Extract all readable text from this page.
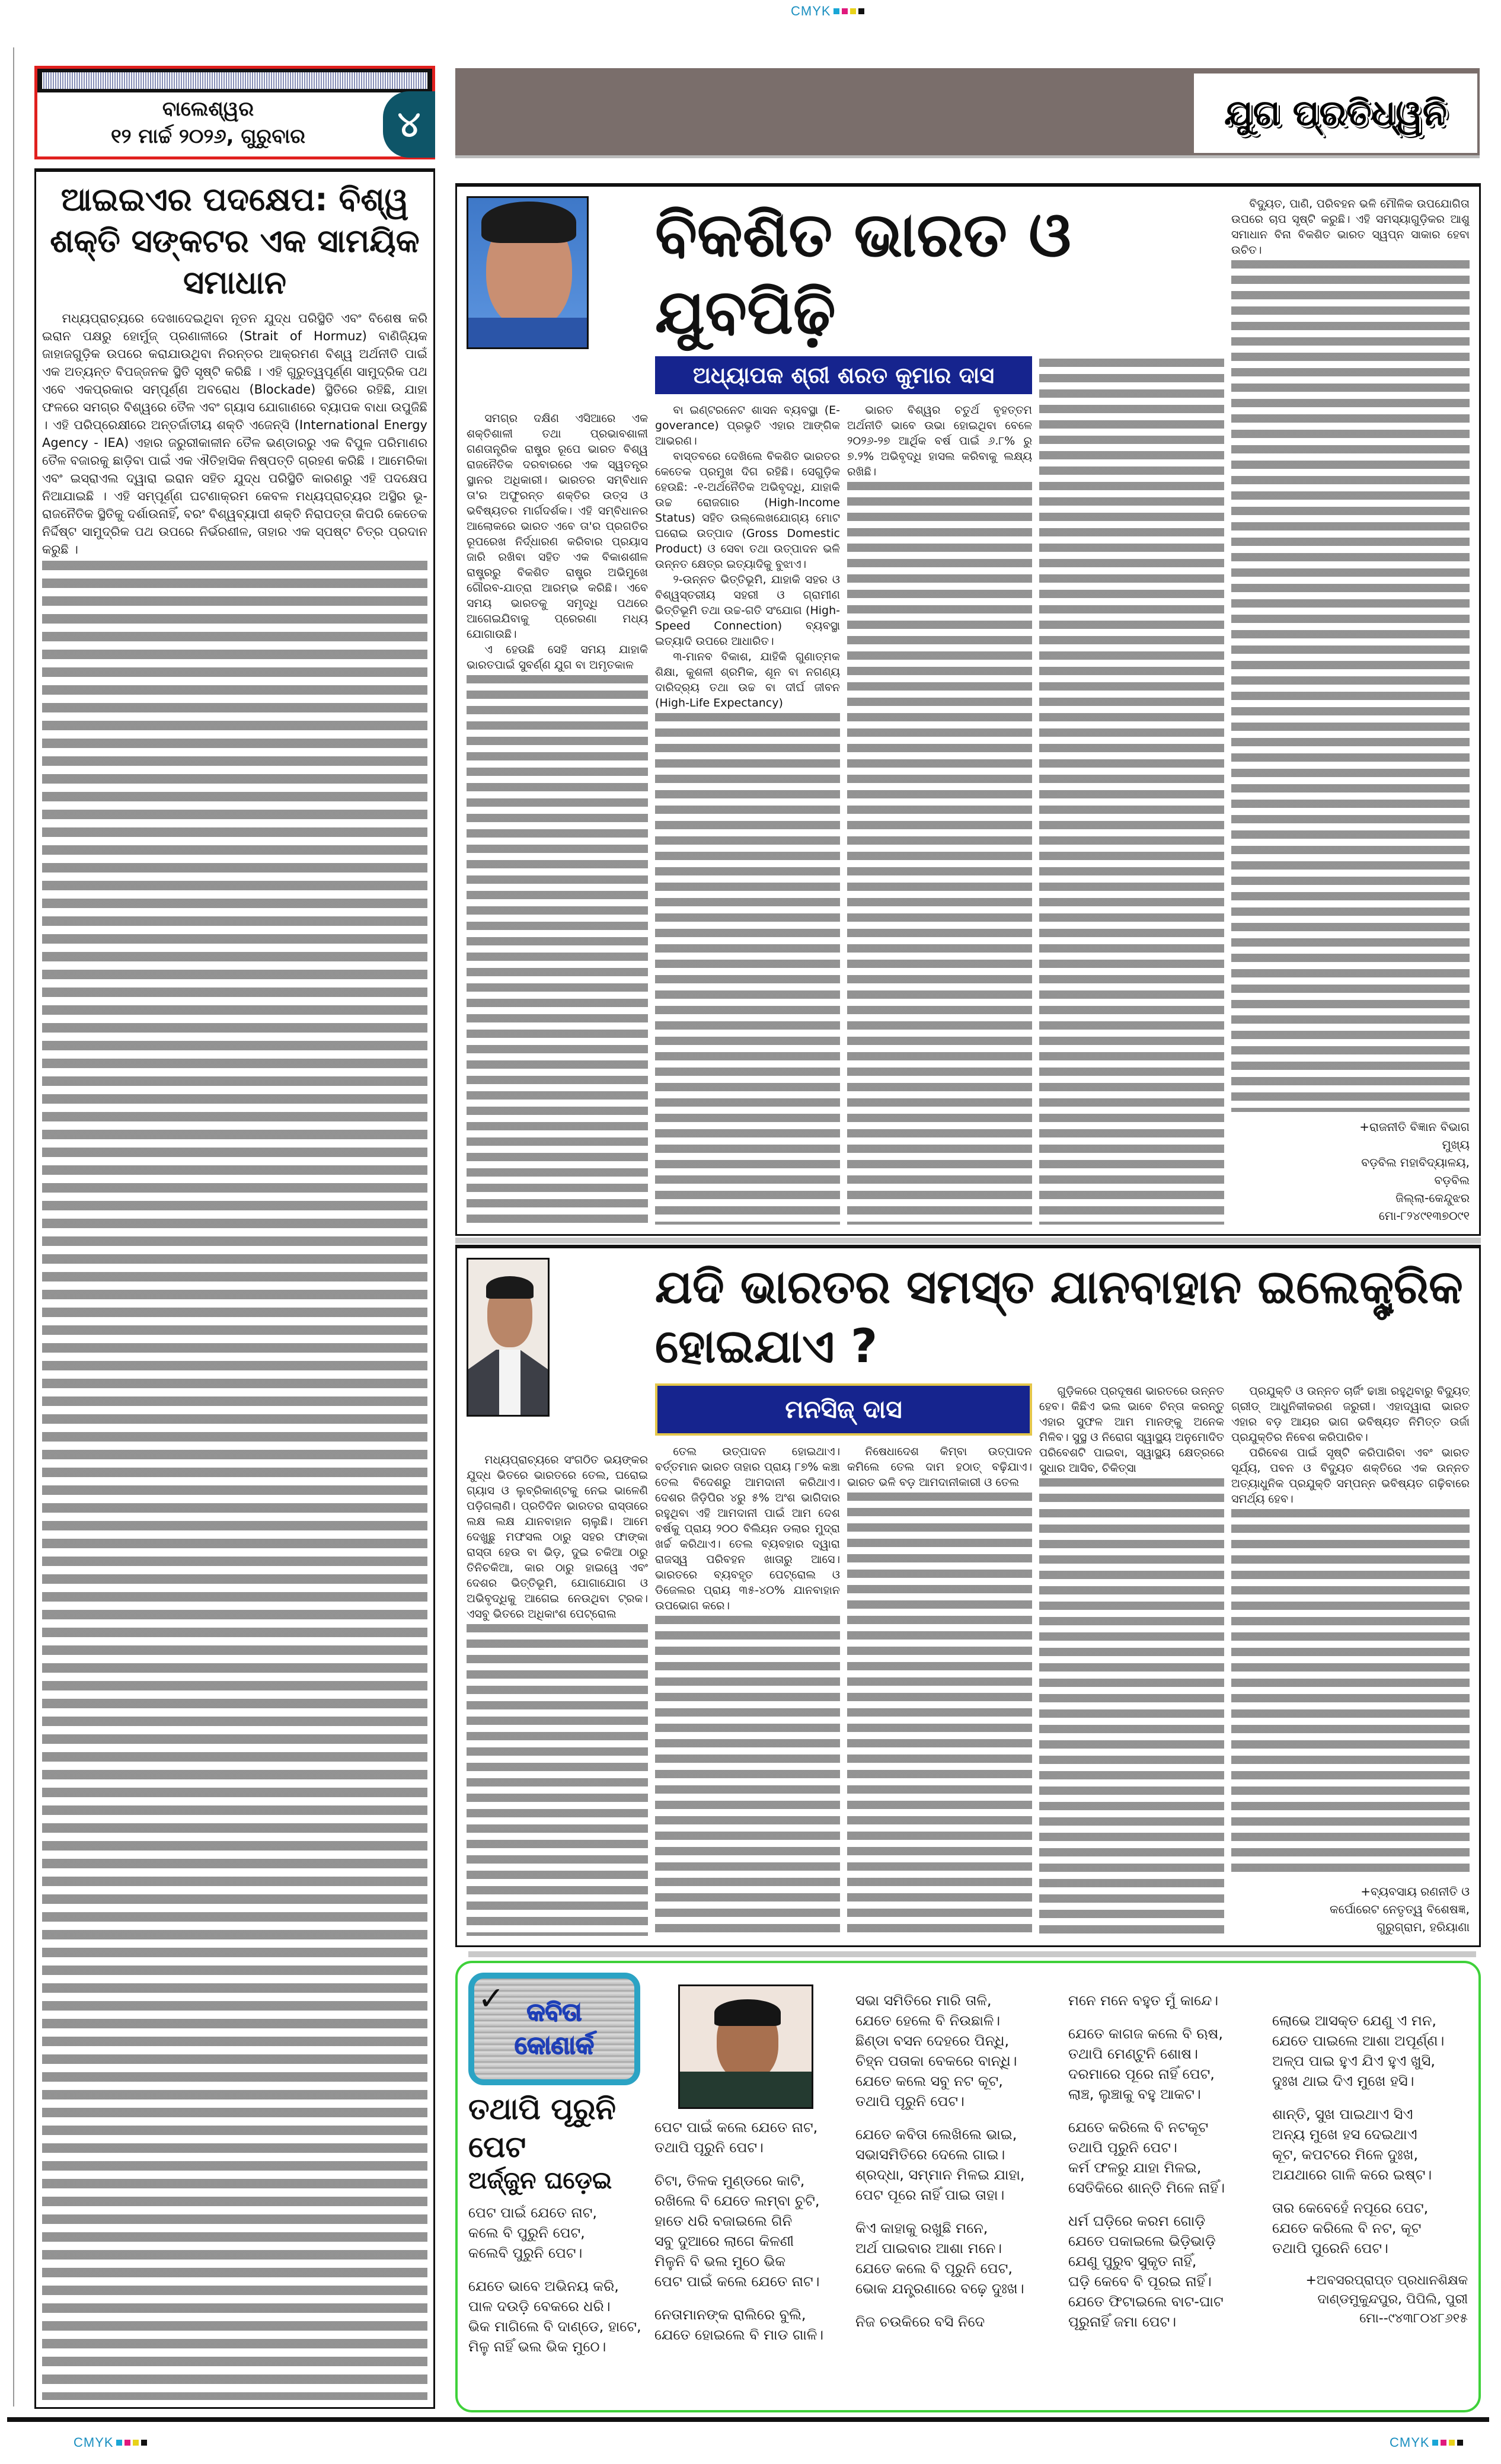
CMYK
CMYK	CMYK
ବାଲେଶ୍ୱର
୧୨ ମାର୍ଚ୍ଚ ୨୦୨୬, ଗୁରୁବାର	୪	ଯୁଗ ପ୍ରତିଧ୍ୱନି
ଆଇଇଏର ପଦକ୍ଷେପ: ବିଶ୍ୱ ଶକ୍ତି ସଙ୍କଟର ଏକ ସାମୟିକ ସମାଧାନ

ମଧ୍ୟପ୍ରାଚ୍ୟରେ ଦେଖାଦେଇଥିବା ନୂତନ ଯୁଦ୍ଧ ପରିସ୍ଥିତି ଏବଂ ବିଶେଷ କରି ଇରାନ ପକ୍ଷରୁ ହୋର୍ମୁଜ୍ ପ୍ରଣାଳୀରେ (Strait of Hormuz) ବାଣିଜ୍ୟିକ ଜାହାଜଗୁଡ଼ିକ ଉପରେ କରାଯାଉଥିବା ନିରନ୍ତର ଆକ୍ରମଣ ବିଶ୍ୱ ଅର୍ଥନୀତି ପାଇଁ ଏକ ଅତ୍ୟନ୍ତ ବିପଜ୍ଜନକ ସ୍ଥିତି ସୃଷ୍ଟି କରିଛି । ଏହି ଗୁରୁତ୍ୱପୂର୍ଣ୍ଣ ସାମୁଦ୍ରିକ ପଥ ଏବେ ଏକପ୍ରକାର ସମ୍ପୂର୍ଣ୍ଣ ଅବରୋଧ (Blockade) ସ୍ଥିତିରେ ରହିଛି, ଯାହା ଫଳରେ ସମଗ୍ର ବିଶ୍ୱରେ ତୈଳ ଏବଂ ଗ୍ୟାସ ଯୋଗାଣରେ ବ୍ୟାପକ ବାଧା ଉପୁଜିଛି । ଏହି ପରିପ୍ରେକ୍ଷୀରେ ଅନ୍ତର୍ଜାତୀୟ ଶକ୍ତି ଏଜେନ୍ସି (International Energy Agency - IEA) ଏହାର ଜରୁରୀକାଳୀନ ତୈଳ ଭଣ୍ଡାରରୁ ଏକ ବିପୁଳ ପରିମାଣର ତୈଳ ବଜାରକୁ ଛାଡ଼ିବା ପାଇଁ ଏକ ଐତିହାସିକ ନିଷ୍ପତ୍ତି ଗ୍ରହଣ କରିଛି । ଆମେରିକା ଏବଂ ଇସ୍ରାଏଲ ଦ୍ୱାରା ଇରାନ ସହିତ ଯୁଦ୍ଧ ପରିସ୍ଥିତି କାରଣରୁ ଏହି ପଦକ୍ଷେପ ନିଆଯାଇଛି । ଏହି ସମ୍ପୂର୍ଣ୍ଣ ଘଟଣାକ୍ରମ କେବଳ ମଧ୍ୟପ୍ରାଚ୍ୟର ଅସ୍ଥିର ଭୂ-ରାଜନୈତିକ ସ୍ଥିତିକୁ ଦର୍ଶାଉନାହିଁ, ବରଂ ବିଶ୍ୱବ୍ୟାପୀ ଶକ୍ତି ନିରାପତ୍ତା କିପରି କେତେକ ନିର୍ଦ୍ଦିଷ୍ଟ ସାମୁଦ୍ରିକ ପଥ ଉପରେ ନିର୍ଭରଶୀଳ, ତାହାର ଏକ ସ୍ପଷ୍ଟ ଚିତ୍ର ପ୍ରଦାନ କରୁଛି ।

ବିକଶିତ ଭାରତ ଓ ଯୁବପିଢ଼ି
ଅଧ୍ୟାପକ ଶ୍ରୀ ଶରତ କୁମାର ଦାସ

ସମଗ୍ର ଦକ୍ଷିଣ ଏସିଆରେ ଏକ ଶକ୍ତିଶାଳୀ ତଥା ପ୍ରଭାବଶାଳୀ ଗଣତାନ୍ତ୍ରିକ ରାଷ୍ଟ୍ର ରୂପେ ଭାରତ ବିଶ୍ୱ ରାଜନୈତିକ ଦରବାରରେ ଏକ ସ୍ୱତନ୍ତ୍ର ସ୍ଥାନର ଅଧିକାରୀ। ଭାରତର ସମ୍ବିଧାନ ତା'ର ଅଫୁରନ୍ତ ଶକ୍ତିର ଉତ୍ସ ଓ ଭବିଷ୍ୟତର ମାର୍ଗଦର୍ଶକ। ଏହି ସମ୍ବିଧାନର ଆଲୋକରେ ଭାରତ ଏବେ ତା'ର ପ୍ରଗତିର ରୂପରେଖ ନିର୍ଦ୍ଧାରଣ କରିବାର ପ୍ରୟାସ ଜାରି ରଖିବା ସହିତ ଏକ ବିକାଶଶୀଳ ରାଷ୍ଟ୍ରରୁ ବିକଶିତ ରାଷ୍ଟ୍ର ଅଭିମୁଖେ ଗୌରବ-ଯାତ୍ରା ଆରମ୍ଭ କରିଛି। ଏବେ ସମୟ ଭାରତକୁ ସମୃଦ୍ଧି ପଥରେ ଆଗେଇଯିବାକୁ ପ୍ରେରଣା ମଧ୍ୟ ଯୋଗାଉଛି।

ଏ ହେଉଛି ସେହି ସମୟ ଯାହାକି ଭାରତପାଇଁ ସୁବର୍ଣ୍ଣ ଯୁଗ ବା ଅମୃତକାଳ

ବା ଇଣ୍ଟରନେଟ ଶାସନ ବ୍ୟବସ୍ଥା (E-goverance) ପ୍ରଭୃତି ଏହାର ଆଙ୍ଗିକ ଆଭରଣ।

ବାସ୍ତବରେ ଦେଖିଲେ ବିକଶିତ ଭାରତର କେତେକ ପ୍ରମୁଖ ଦିଗ ରହିଛି। ସେଗୁଡ଼ିକ ହେଉଛି: -୧-ଅର୍ଥନୈତିକ ଅଭିବୃଦ୍ଧି, ଯାହାକି ଉଚ୍ଚ ରୋଜଗାର (High-Income Status) ସହିତ ଉଲ୍ଲେଖଯୋଗ୍ୟ ମୋଟ ଘରୋଇ ଉତ୍ପାଦ (Gross Domestic Product) ଓ ସେବା ତଥା ଉତ୍ପାଦନ ଭଳି ଉନ୍ନତ କ୍ଷେତ୍ର ଇତ୍ୟାଦିକୁ ବୁଝାଏ।

୨-ଉନ୍ନତ ଭିତ୍ତିଭୂମି, ଯାହାକି ସହର ଓ ବିଶ୍ୱସ୍ତରୀୟ ସହରୀ ଓ ଗ୍ରାମୀଣ ଭିତ୍ତିଭୂମି ତଥା ଉଚ୍ଚ-ଗତି ସଂଯୋଗ (High-Speed Connection) ବ୍ୟବସ୍ଥା ଇତ୍ୟାଦି ଉପରେ ଆଧାରିତ।

୩-ମାନବ ବିକାଶ, ଯାହିକି ଗୁଣାତ୍ମକ ଶିକ୍ଷା, କୁଶଳୀ ଶ୍ରମିକ, ଶୂନ ବା ନଗଣ୍ୟ ଦାରିଦ୍ର୍ୟ ତଥା ଉଚ୍ଚ ବା ଦୀର୍ଘ ଜୀବନ (High-Life Expectancy)

ଭାରତ ବିଶ୍ୱର ଚତୁର୍ଥ ବୃହତ୍ତମ ଅର୍ଥନୀତି ଭାବେ ଉଭା ହୋଇଥିବା ବେଳେ ୨୦୨୬-୨୭ ଆର୍ଥିକ ବର୍ଷ ପାଇଁ ୬.୮% ରୁ ୭.୨% ଅଭିବୃଦ୍ଧି ହାସଲ କରିବାକୁ ଲକ୍ଷ୍ୟ ରଖିଛି।

ବିଦ୍ୟୁତ, ପାଣି, ପରିବହନ ଭଳି ମୌଳିକ ଉପଯୋଗିତା ଉପରେ ଚାପ ସୃଷ୍ଟି କରୁଛି। ଏହି ସମସ୍ୟାଗୁଡ଼ିକର ଆଶୁ ସମାଧାନ ବିନା ବିକଶିତ ଭାରତ ସ୍ୱପ୍ନ ସାକାର ହେବା ଉଚିତ।

+ରାଜନୀତି ବିଜ୍ଞାନ ବିଭାଗ
ମୁଖ୍ୟ
ବଡ଼ବିଲ ମହାବିଦ୍ୟାଳୟ,
ବଡ଼ବିଲ
ଜିଲ୍ଲା-କେନ୍ଦୁଝର
ମୋ-୮୨୪୯୧୩୭୦୯୧
ଯଦି ଭାରତର ସମସ୍ତ ଯାନବାହାନ ଇଲେକ୍ଟ୍ରିକ ହୋଇଯାଏ ?
ମନସିଜ୍ ଦାସ

ମଧ୍ୟପ୍ରାଚ୍ୟରେ ସଂଗଠିତ ଭୟଙ୍କର ଯୁଦ୍ଧ ଭିତରେ ଭାରତରେ ତେଲ, ଘରୋଇ ଗ୍ୟାସ ଓ ଲୁବ୍ରିକାଣ୍ଟକୁ ନେଇ ଭାଳେଣି ପଡ଼ିଗଲାଣି। ପ୍ରତିଦିନ ଭାରତର ରାସ୍ତାରେ ଲକ୍ଷ ଲକ୍ଷ ଯାନବାହାନ ଚାଲୁଛି। ଆମେ ଦେଖୁଛୁ ମଫସଲ ଠାରୁ ସହର ଫାଙ୍କା ରାସ୍ତା ହେଉ ବା ଭିଡ଼, ଦୁଇ ଚକିଆ ଠାରୁ ତିନିଚକିଆ, କାର ଠାରୁ ହାଇୱେ ଏବଂ ଦେଶର ଭିତ୍ତିଭୂମି, ଯୋଗାଯୋଗ ଓ ଅଭିବୃଦ୍ଧିକୁ ଆଗେଇ ନେଉଥିବା ଟ୍ରକ। ଏସବୁ ଭିତରେ ଅଧିକାଂଶ ପେଟ୍ରୋଲ

ତେଲ ଉତ୍ପାଦନ ହୋଇଥାଏ। ବର୍ତ୍ତମାନ ଭାରତ ତାହାର ପ୍ରାୟ ୮୭% କଞ୍ଚା ତେଲ ବିଦେଶରୁ ଆମଦାନୀ କରିଥାଏ। ଦେଶର ଜିଡ଼ିପିର ୪ରୁ ୫% ଅଂଶ ଭାଗିଦାର ରହୁଥିବା ଏହି ଆମଦାନୀ ପାଇଁ ଆମ ଦେଶ ବର୍ଷକୁ ପ୍ରାୟ ୨୦୦ ବିଲିୟନ ଡଲାର ମୁଦ୍ରା ଖର୍ଚ୍ଚ କରିଥାଏ। ତେଲ ବ୍ୟବହାର ଦ୍ୱାରା ରାଜସ୍ୱ ପରିବହନ ଖାତାରୁ ଆସେ। ଭାରତରେ ବ୍ୟବହୃତ ପେଟ୍ରୋଲ ଓ ଡିଜେଲର ପ୍ରାୟ ୩୫-୪୦% ଯାନବାହାନ ଉପଭୋଗ କରେ।

ନିଷେଧାଦେଶ କିମ୍ବା ଉତ୍ପାଦନ କମିଲେ ତେଲ ଦାମ ହଠାତ୍ ବଢ଼ିଯାଏ। ଭାରତ ଭଳି ବଡ଼ ଆମଦାନୀକାରୀ ଓ ତେଲ

ଗୁଡ଼ିକରେ ପ୍ରଦୂଷଣ ଭାରତରେ ଉନ୍ନତ ହେବ। କିଛିଏ ଭଲ ଭାବେ ଚିନ୍ତା କରନ୍ତୁ ଏହାର ସୁଫଳ ଆମ ମାନଙ୍କୁ ଅନେକ ମିଳିବ। ସୁସ୍ଥ ଓ ନିରୋଗ ସ୍ୱାସ୍ଥ୍ୟ ଅନୁମୋଦିତ ପରିବେଶଟି ପାଇବା, ସ୍ୱାସ୍ଥ୍ୟ କ୍ଷେତ୍ରରେ ସୁଧାର ଆସିବ, ଚିକିତ୍ସା

ପ୍ରଯୁକ୍ତି ଓ ଉନ୍ନତ ଚାର୍ଜିଂ ଢାଞ୍ଚା ରହୁଥିବାରୁ ବିଦ୍ୟୁତ୍ ଗ୍ରୀଡ୍ ଆଧୁନିକୀକରଣ ଜରୁରୀ। ଏହାଦ୍ୱାରା ଭାରତ ଏହାର ବଡ଼ ଆୟର ଭାଗ ଭବିଷ୍ୟତ ନିମିତ୍ତ ଉର୍ଜା ପ୍ରଯୁକ୍ତିର ନିବେଶ କରିପାରିବ।

ପରିବେଶ ପାଇଁ ସୃଷ୍ଟି କରିପାରିବା ଏବଂ ଭାରତ ସୂର୍ଯ୍ୟ, ପବନ ଓ ବିଦ୍ୟୁତ ଶକ୍ତିରେ ଏକ ଉନ୍ନତ ଅତ୍ୟାଧୁନିକ ପ୍ରଯୁକ୍ତି ସମ୍ପନ୍ନ ଭବିଷ୍ୟତ ଗଢ଼ିବାରେ ସମର୍ଥ୍ୟ ହେବ।

+ବ୍ୟବସାୟ ରଣନୀତି ଓ
କର୍ପୋରେଟ ନେତୃତ୍ୱ ବିଶେଷଜ୍ଞ,
ଗୁରୁଗ୍ରାମ, ହରିୟାଣା
✓ କବିତା କୋଣାର୍କ
ତଥାପି ପୂରୁନି ପେଟ
ଅର୍ଜ୍ଜୁନ ଘଡ଼େଇ
ପେଟ ପାଇଁ ଯେତେ ନାଟ,
କଲେ ବି ପୁରୁନି ପେଟ,
କଲେବି ପୁରୁନି ପେଟ।
ଯେତେ ଭାବେ ଅଭିନୟ କରି,
ପାଳ ଦଉଡ଼ି ବେକରେ ଧରି।
ଭିକ ମାଗିଲେ ବି ଦାଣ୍ଡେ, ହାଟେ,
ମିଳୁ ନାହିଁ ଭଲ ଭିକ ମୁଠେ।
ପେଟ ପାଇଁ କଲେ ଯେତେ ନାଟ,
ତଥାପି ପୂରୁନି ପେଟ।
ଚିଟା, ତିଳକ ମୁଣ୍ଡରେ କାଟି,
ରଖିଲେ ବି ଯେତେ ଲମ୍ବା ଚୁଟି,
ହାତେ ଧରି ବଜାଇଲେ ଗିନି
ସବୁ ଦୁଆରେ ଲାଗେ କିଳଣୀ
ମିଳୁନି ବି ଭଲ ମୁଠେ ଭିକ
ପେଟ ପାଇଁ କଲେ ଯେତେ ନାଟ।
ନେତାମାନଙ୍କ ରାଲିରେ ବୁଲି,
ଯେତେ ହୋଇଲେ ବି ମାଡ ଗାଳି।
ସଭା ସମିତିରେ ମାରି ତାଳି,
ଯେତେ ହେଲେ ବି ନିଉଛାଳି।
ଛିଣ୍ଡା ବସନ ଦେହରେ ପିନ୍ଧି,
ଚିହ୍ନ ପତାକା ବେକରେ ବାନ୍ଧି।
ଯେତେ କଲେ ସବୁ ନଟ କୂଟ,
ତଥାପି ପୂରୁନି ପେଟ।
ଯେତେ କବିତା ଲେଖିଲେ ଭାଇ,
ସଭାସମିତିରେ ଦେଲେ ଗାଇ।
ଶ୍ରଦ୍ଧା, ସମ୍ମାନ ମିଳଇ ଯାହା,
ପେଟ ପୂରେ ନାହିଁ ପାଇ ତାହା।
କିଏ କାହାକୁ ରଖୁଛି ମନେ,
ଅର୍ଥ ପାଇବାର ଆଶା ମନେ।
ଯେତେ କଲେ ବି ପୂରୁନି ପେଟ,
ଭୋକ ଯନ୍ତ୍ରଣାରେ ବଢ଼େ ଦୁଃଖ।
ନିଜ ଚଉକିରେ ବସି ନିଦେ
ମନେ ମନେ ବହୁତ ମୁଁ କାନ୍ଦେ।
ଯେତେ କାଗଜ କଲେ ବି ଋଷ,
ତଥାପି ମେଣ୍ଟୁନି ଶୋଷ।
ଦରମାରେ ପୂରେ ନାହିଁ ପେଟ,
ଲାଞ୍ଚ, ଲୁଞ୍ଚାକୁ ବହୁ ଆକଟ।
ଯେତେ କରିଲେ ବି ନଟକୂଟ
ତଥାପି ପୂରୁନି ପେଟ।
କର୍ମ ଫଳରୁ ଯାହା ମିଳଇ,
ସେତିକିରେ ଶାନ୍ତି ମିଳେ ନାହିଁ।
ଧର୍ମ ଘଡ଼ିରେ କରମ ଗୋଡ଼ି
ଯେତେ ପକାଇଲେ ଭିଡ଼ିଭାଡ଼ି
ଯେଣୁ ପୁରୁବ ସୁକୃତ ନାହିଁ,
ଘଡ଼ି କେବେ ବି ପୂରଇ ନାହିଁ।
ଯେତେ ଫିଟାଇଲେ ବାଟ-ଘାଟ
ପୂରୁନାହିଁ ଜମା ପେଟ।
ଲୋଭେ ଆସକ୍ତ ଯେଣୁ ଏ ମନ,
ଯେତେ ପାଇଲେ ଆଶା ଅପୂର୍ଣ୍ଣ।
ଅଳ୍ପ ପାଇ ହୁଏ ଯିଏ ହୁଏ ଖୁସି,
ଦୁଃଖ ଥାଇ ଦିଏ ମୁଖେ ହସି।
ଶାନ୍ତି, ସୁଖ ପାଇଥାଏ ସିଏ
ଅନ୍ୟ ମୁଖେ ହସ ଦେଇଥାଏ
କୂଟ, କପଟରେ ମିଳେ ଦୁଃଖ,
ଅଯଥାରେ ଗାଳି କରେ ଇଷ୍ଟ।
ତାର କେବେହେଁ ନପୂରେ ପେଟ,
ଯେତେ କରିଲେ ବି ନଟ, କୂଟ
ତଥାପି ପୁରେନି ପେଟ।
+ଅବସରପ୍ରାପ୍ତ ପ୍ରଧାନଶିକ୍ଷକ
ଦାଣ୍ଡମୁକୁନ୍ଦପୁର, ପିପିଲି, ପୁରୀ
ମୋ--୯୪୩୮୦୪୮୬୧୫
